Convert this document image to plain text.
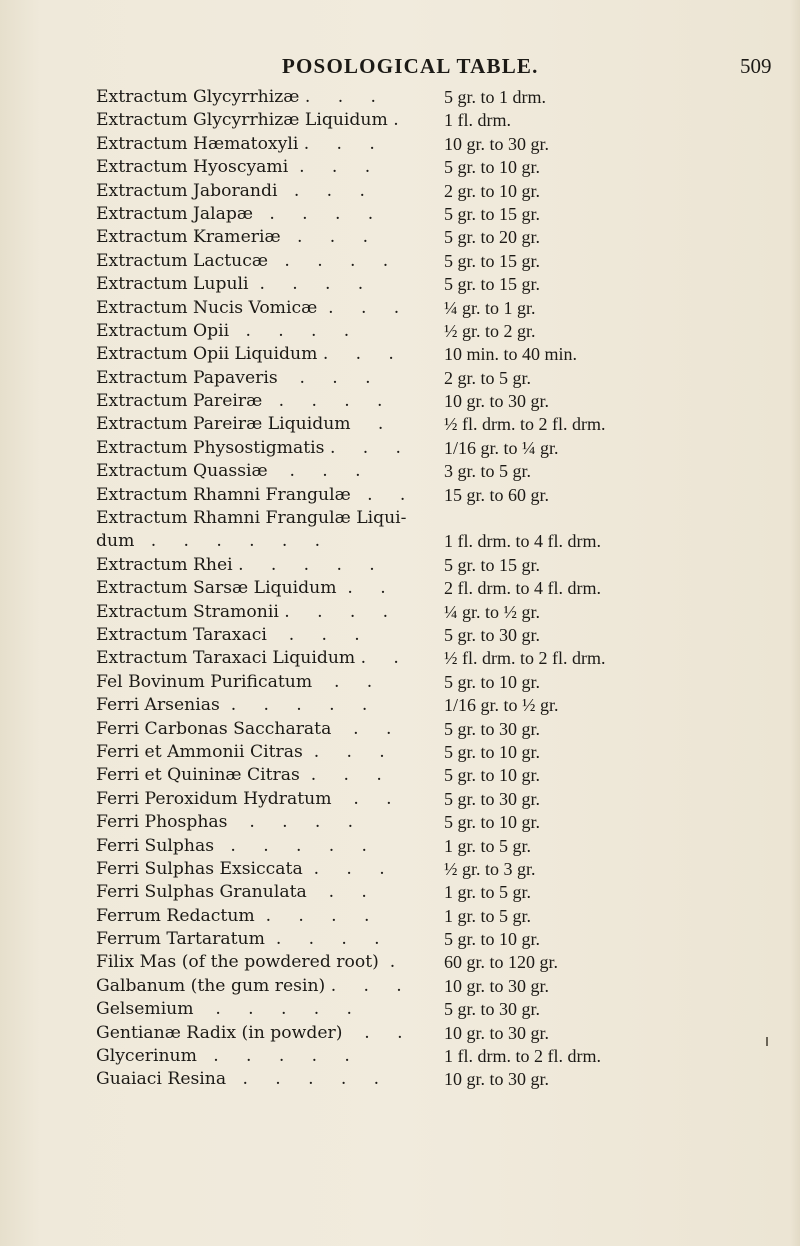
POSOLOGICAL TABLE.	509
Extractum Glycyrrhizæ .     .     .	5 gr. to 1 drm.
Extractum Glycyrrhizæ Liquidum .	1 fl. drm.
Extractum Hæmatoxyli .     .     .	10 gr. to 30 gr.
Extractum Hyoscyami  .     .     .	5 gr. to 10 gr.
Extractum Jaborandi   .     .     .	2 gr. to 10 gr.
Extractum Jalapæ   .     .     .     .	5 gr. to 15 gr.
Extractum Krameriæ   .     .     .	5 gr. to 20 gr.
Extractum Lactucæ   .     .     .     .	5 gr. to 15 gr.
Extractum Lupuli  .     .     .     .	5 gr. to 15 gr.
Extractum Nucis Vomicæ  .     .     .	¼ gr. to 1 gr.
Extractum Opii   .     .     .     .	½ gr. to 2 gr.
Extractum Opii Liquidum .     .     .	10 min. to 40 min.
Extractum Papaveris    .     .     .	2 gr. to 5 gr.
Extractum Pareiræ   .     .     .     .	10 gr. to 30 gr.
Extractum Pareiræ Liquidum     .	½ fl. drm. to 2 fl. drm.
Extractum Physostigmatis .     .     .	1/16 gr. to ¼ gr.
Extractum Quassiæ    .     .     .	3 gr. to 5 gr.
Extractum Rhamni Frangulæ   .     .	15 gr. to 60 gr.
Extractum Rhamni Frangulæ Liqui-
dum   .     .     .     .     .     .	1 fl. drm. to 4 fl. drm.
Extractum Rhei .     .     .     .     .	5 gr. to 15 gr.
Extractum Sarsæ Liquidum  .     .	2 fl. drm. to 4 fl. drm.
Extractum Stramonii .     .     .     .	¼ gr. to ½ gr.
Extractum Taraxaci    .     .     .	5 gr. to 30 gr.
Extractum Taraxaci Liquidum .     .	½ fl. drm. to 2 fl. drm.
Fel Bovinum Purificatum    .     .	5 gr. to 10 gr.
Ferri Arsenias  .     .     .     .     .	1/16 gr. to ½ gr.
Ferri Carbonas Saccharata    .     .	5 gr. to 30 gr.
Ferri et Ammonii Citras  .     .     .	5 gr. to 10 gr.
Ferri et Quininæ Citras  .     .     .	5 gr. to 10 gr.
Ferri Peroxidum Hydratum    .     .	5 gr. to 30 gr.
Ferri Phosphas    .     .     .     .	5 gr. to 10 gr.
Ferri Sulphas   .     .     .     .     .	1 gr. to 5 gr.
Ferri Sulphas Exsiccata  .     .     .	½ gr. to 3 gr.
Ferri Sulphas Granulata    .     .	1 gr. to 5 gr.
Ferrum Redactum  .     .     .     .	1 gr. to 5 gr.
Ferrum Tartaratum  .     .     .     .	5 gr. to 10 gr.
Filix Mas (of the powdered root)  .	60 gr. to 120 gr.
Galbanum (the gum resin) .     .     .	10 gr. to 30 gr.
Gelsemium    .     .     .     .     .	5 gr. to 30 gr.
Gentianæ Radix (in powder)    .     .	10 gr. to 30 gr.
Glycerinum   .     .     .     .     .	1 fl. drm. to 2 fl. drm.
Guaiaci Resina   .     .     .     .     .	10 gr. to 30 gr.
